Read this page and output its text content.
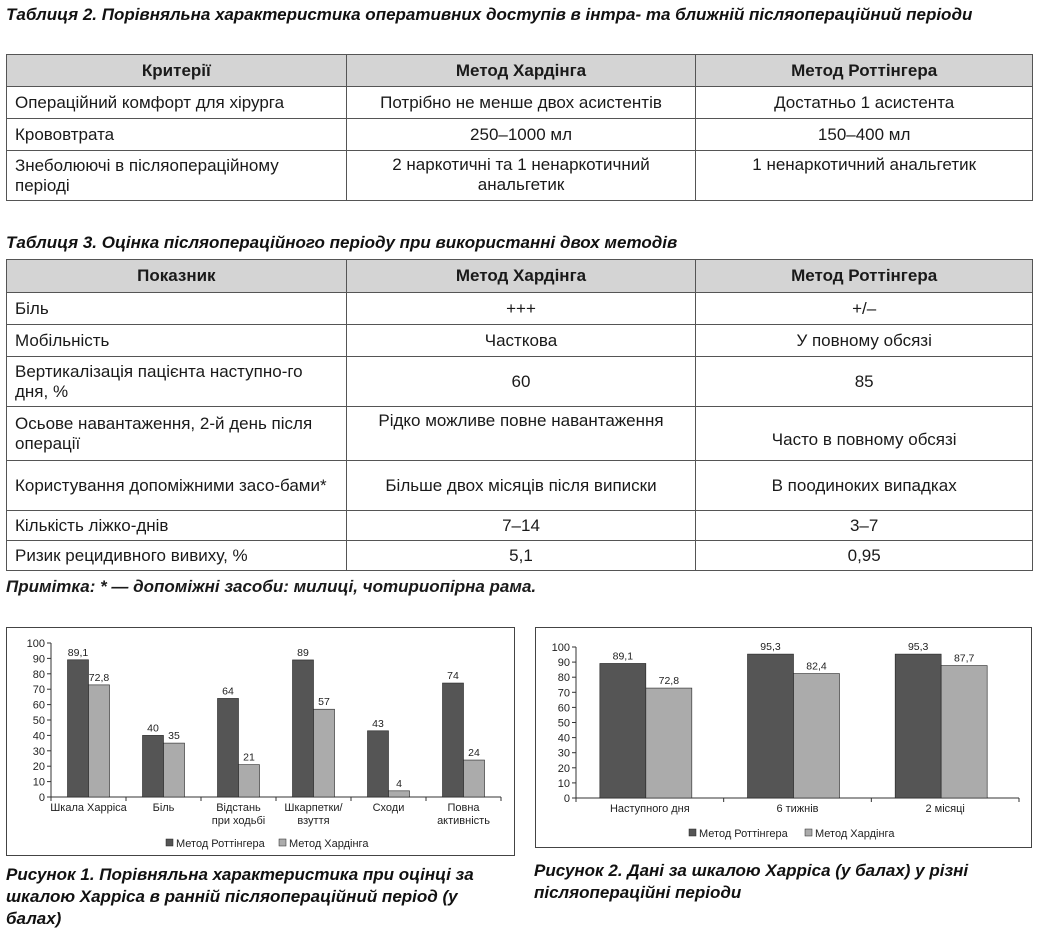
Таблиця 2. Порівняльна характеристика оперативних доступів в інтра- та ближній післяопераційний періоди
Критерії	Метод Хардінга	Метод Роттінгера
Операційний комфорт для хірурга	Потрібно не менше двох асистентів	Достатньо 1 асистента
Крововтрата	250–1000 мл	150–400 мл
Знеболюючі в післяопераційному періоді	2 наркотичні та 1 ненаркотичний анальгетик	1 ненаркотичний анальгетик
Таблиця 3. Оцінка післяопераційного періоду при використанні двох методів
Показник	Метод Хардінга	Метод Роттінгера
Біль	+++	+/–
Мобільність	Часткова	У повному обсязі
Вертикалізація пацієнта наступно-го дня, %	60	85
Осьове навантаження, 2-й день після операції	Рідко можливе повне навантаження	Часто в повному обсязі
Користування допоміжними засо-бами*	Більше двох місяців після виписки	В поодиноких випадках
Кількість ліжко-днів	7–14	3–7
Ризик рецидивного вивиху, %	5,1	0,95
Примітка: * — допоміжні засоби: милиці, чотириопірна рама.
0
10
20
30
40
50
60
70
80
90
100
89,1
72,8
Шкала Харріса
40
35
Біль
64
21
Відстань
при ходьбі
89
57
Шкарпетки/
взуття
43
4
Сходи
74
24
Повна
активність
Метод Роттінгера Метод Хардінга
Рисунок 1. Порівняльна характеристика при оцінці за шкалою Харріса в ранній післяопераційний період (у балах)
0
10
20
30
40
50
60
70
80
90
100
89,1
72,8
Наступного дня
95,3
82,4
6 тижнів
95,3
87,7
2 місяці
Метод Роттінгера Метод Хардінга
Рисунок 2. Дані за шкалою Харріса (у балах) у різні післяопераційні періоди
